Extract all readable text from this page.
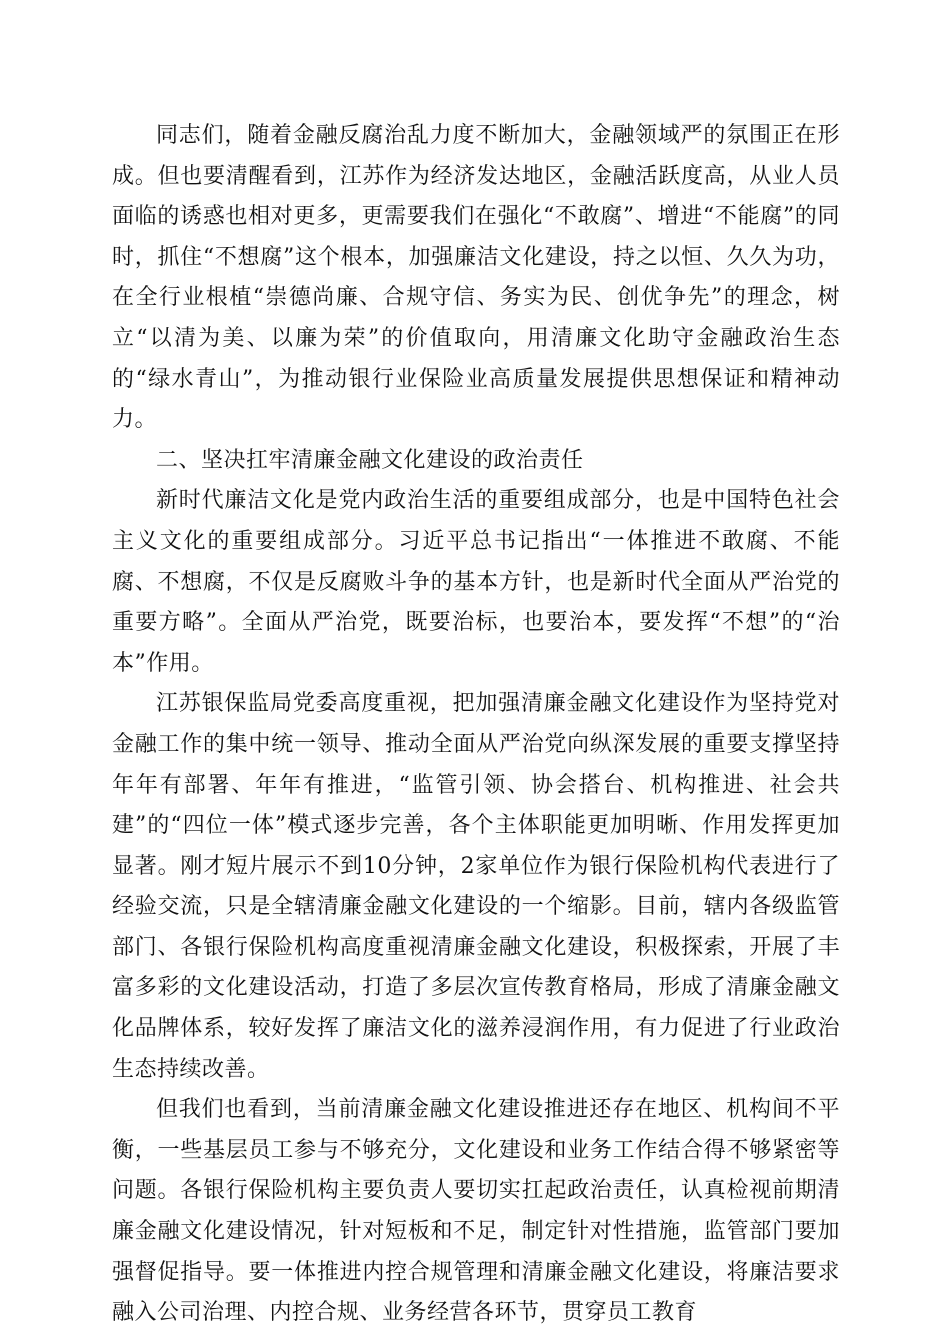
同志们，随着金融反腐治乱力度不断加大，金融领域严的氛围正在形成。但也要清醒看到，江苏作为经济发达地区，金融活跃度高，从业人员面临的诱惑也相对更多，更需要我们在强化“不敢腐”、增进“不能腐”的同时，抓住“不想腐”这个根本，加强廉洁文化建设，持之以恒、久久为功，在全行业根植“崇德尚廉、合规守信、务实为民、创优争先”的理念，树立“以清为美、以廉为荣”的价值取向，用清廉文化助守金融政治生态的“绿水青山”，为推动银行业保险业高质量发展提供思想保证和精神动力。

二、坚决扛牢清廉金融文化建设的政治责任

新时代廉洁文化是党内政治生活的重要组成部分，也是中国特色社会主义文化的重要组成部分。习近平总书记指出“一体推进不敢腐、不能腐、不想腐，不仅是反腐败斗争的基本方针，也是新时代全面从严治党的重要方略”。全面从严治党，既要治标，也要治本，要发挥“不想”的“治本”作用。

江苏银保监局党委高度重视，把加强清廉金融文化建设作为坚持党对金融工作的集中统一领导、推动全面从严治党向纵深发展的重要支撑坚持年年有部署、年年有推进，“监管引领、协会搭台、机构推进、社会共建”的“四位一体”模式逐步完善，各个主体职能更加明晰、作用发挥更加显著。刚才短片展示不到10分钟，2家单位作为银行保险机构代表进行了经验交流，只是全辖清廉金融文化建设的一个缩影。目前，辖内各级监管部门、各银行保险机构高度重视清廉金融文化建设，积极探索，开展了丰富多彩的文化建设活动，打造了多层次宣传教育格局，形成了清廉金融文化品牌体系，较好发挥了廉洁文化的滋养浸润作用，有力促进了行业政治生态持续改善。

但我们也看到，当前清廉金融文化建设推进还存在地区、机构间不平衡，一些基层员工参与不够充分，文化建设和业务工作结合得不够紧密等问题。各银行保险机构主要负责人要切实扛起政治责任，认真检视前期清廉金融文化建设情况，针对短板和不足，制定针对性措施，监管部门要加强督促指导。要一体推进内控合规管理和清廉金融文化建设，将廉洁要求融入公司治理、内控合规、业务经营各环节，贯穿员工教育
